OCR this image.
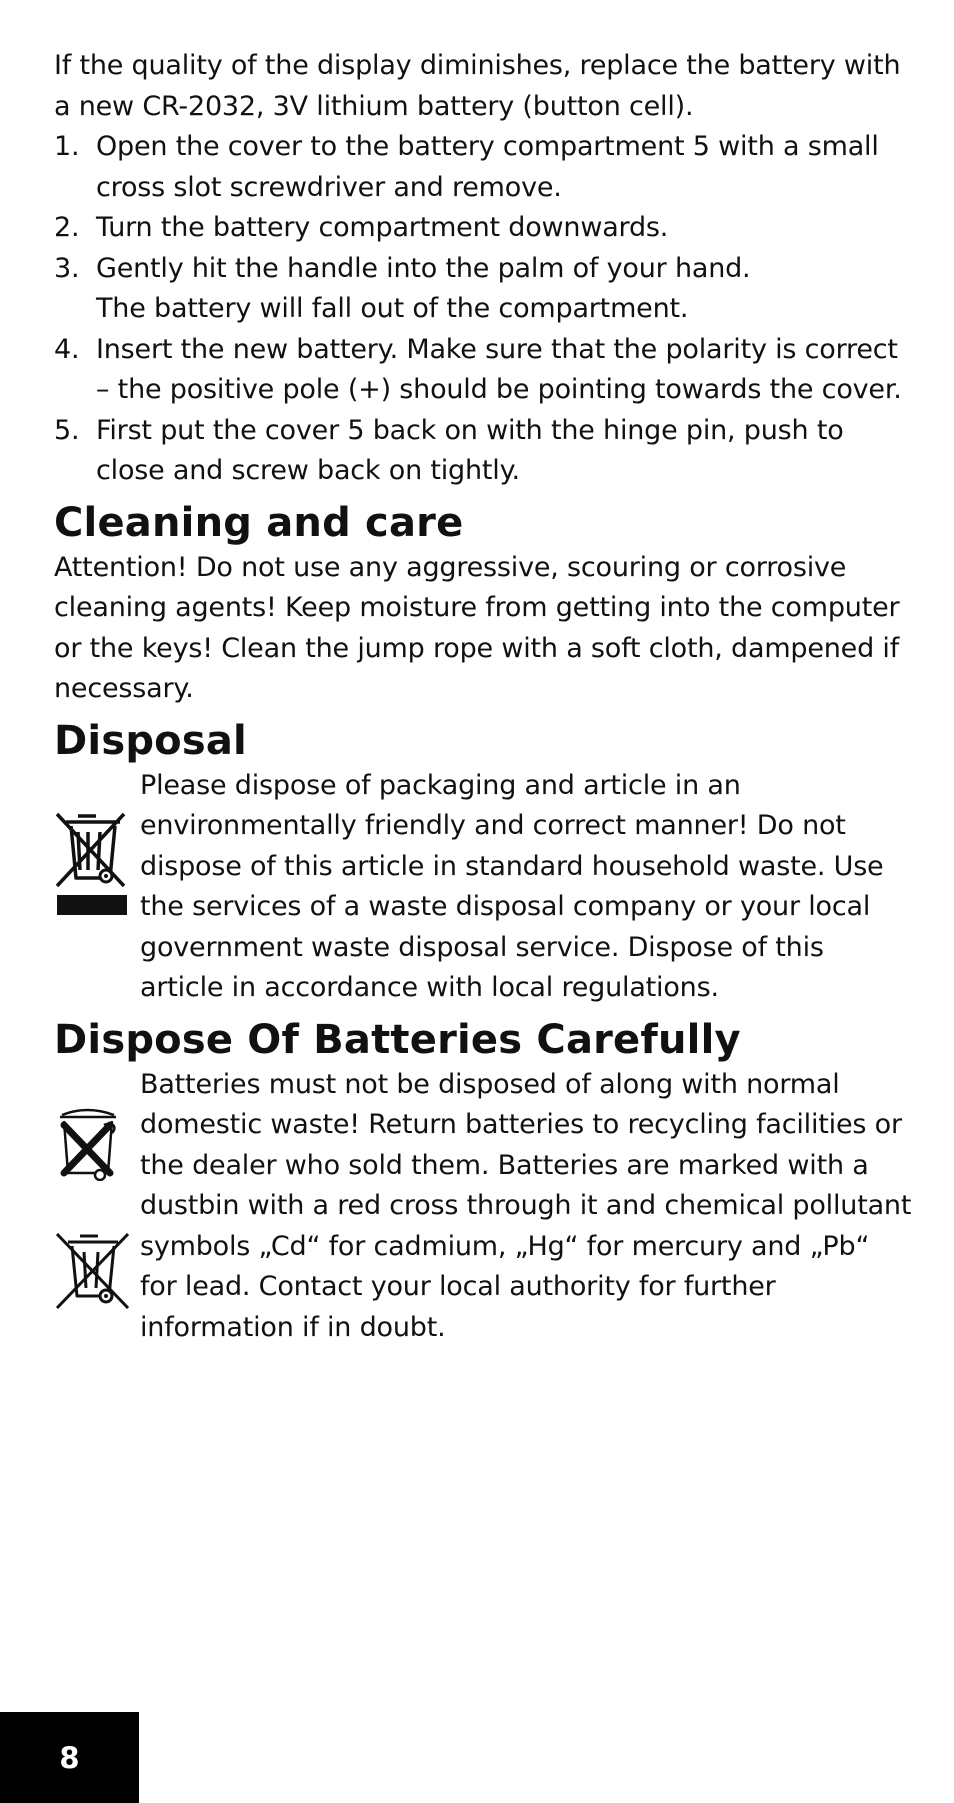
If the quality of the display diminishes, replace the battery with a new CR-2032, 3V lithium battery (button cell).

1. Open the cover to the battery compartment 5 with a small cross slot screwdriver and remove.
2. Turn the battery compartment downwards.
3. Gently hit the handle into the palm of your hand.
The battery will fall out of the compartment.
4. Insert the new battery. Make sure that the polarity is correct – the positive pole (+) should be pointing towards the cover.
5. First put the cover 5 back on with the hinge pin, push to close and screw back on tightly.
Cleaning and care

Attention! Do not use any aggressive, scouring or corrosive cleaning agents! Keep moisture from getting into the computer or the keys! Clean the jump rope with a soft cloth, dampened if necessary.

Disposal

Please dispose of packaging and article in an environmentally friendly and correct manner! Do not dispose of this article in standard household waste. Use the services of a waste disposal company or your local government waste disposal service. Dispose of this article in accordance with local regulations.

Dispose Of Batteries Carefully

Batteries must not be disposed of along with normal domestic waste! Return batteries to recycling facilities or the dealer who sold them. Batteries are marked with a dustbin with a red cross through it and chemical pollutant symbols „Cd“ for cadmium, „Hg“ for mercury and „Pb“ for lead. Contact your local authority for further information if in doubt.

8
